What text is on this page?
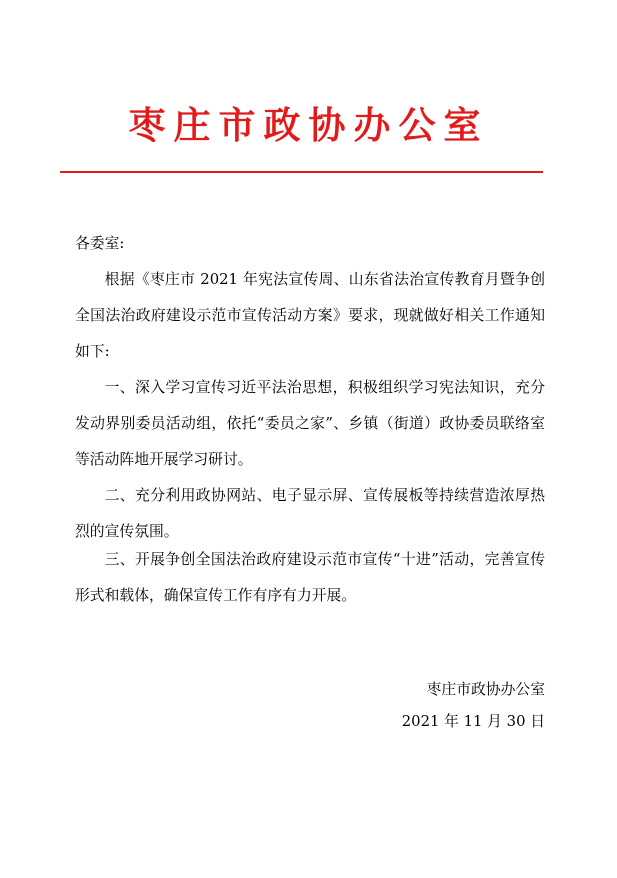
枣庄市政协办公室
各委室:

根据《枣庄市 2021 年宪法宣传周、山东省法治宣传教育月暨争创全国法治政府建设示范市宣传活动方案》要求，现就做好相关工作通知如下:

一、深入学习宣传习近平法治思想，积极组织学习宪法知识，充分发动界别委员活动组，依托“委员之家”、乡镇（街道）政协委员联络室等活动阵地开展学习研讨。

二、充分利用政协网站、电子显示屏、宣传展板等持续营造浓厚热烈的宣传氛围。

三、开展争创全国法治政府建设示范市宣传“十进”活动，完善宣传形式和载体，确保宣传工作有序有力开展。

枣庄市政协办公室
2021 年 11 月 30 日
